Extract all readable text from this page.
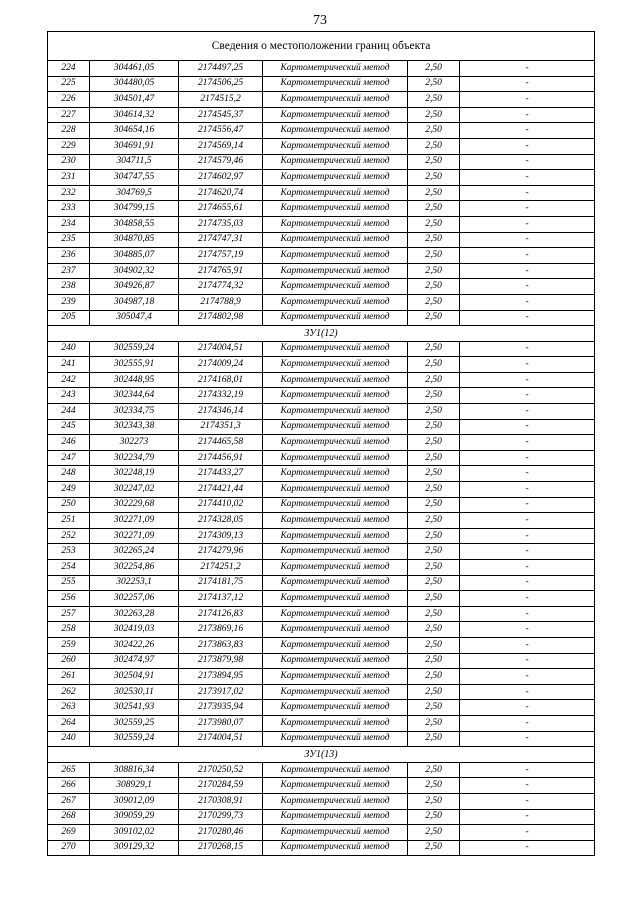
73
Сведения о местоположении границ объекта					
224	304461,05	2174497,25	Картометрический метод	2,50	-
225	304480,05	2174506,25	Картометрический метод	2,50	-
226	304501,47	2174515,2	Картометрический метод	2,50	-
227	304614,32	2174545,37	Картометрический метод	2,50	-
228	304654,16	2174556,47	Картометрический метод	2,50	-
229	304691,91	2174569,14	Картометрический метод	2,50	-
230	304711,5	2174579,46	Картометрический метод	2,50	-
231	304747,55	2174602,97	Картометрический метод	2,50	-
232	304769,5	2174620,74	Картометрический метод	2,50	-
233	304799,15	2174655,61	Картометрический метод	2,50	-
234	304858,55	2174735,03	Картометрический метод	2,50	-
235	304870,85	2174747,31	Картометрический метод	2,50	-
236	304885,07	2174757,19	Картометрический метод	2,50	-
237	304902,32	2174765,91	Картометрический метод	2,50	-
238	304926,87	2174774,32	Картометрический метод	2,50	-
239	304987,18	2174788,9	Картометрический метод	2,50	-
205	305047,4	2174802,98	Картометрический метод	2,50	-
ЗУ1(12)					
240	302559,24	2174004,51	Картометрический метод	2,50	-
241	302555,91	2174009,24	Картометрический метод	2,50	-
242	302448,95	2174168,01	Картометрический метод	2,50	-
243	302344,64	2174332,19	Картометрический метод	2,50	-
244	302334,75	2174346,14	Картометрический метод	2,50	-
245	302343,38	2174351,3	Картометрический метод	2,50	-
246	302273	2174465,58	Картометрический метод	2,50	-
247	302234,79	2174456,91	Картометрический метод	2,50	-
248	302248,19	2174433,27	Картометрический метод	2,50	-
249	302247,02	2174421,44	Картометрический метод	2,50	-
250	302229,68	2174410,02	Картометрический метод	2,50	-
251	302271,09	2174328,05	Картометрический метод	2,50	-
252	302271,09	2174309,13	Картометрический метод	2,50	-
253	302265,24	2174279,96	Картометрический метод	2,50	-
254	302254,86	2174251,2	Картометрический метод	2,50	-
255	302253,1	2174181,75	Картометрический метод	2,50	-
256	302257,06	2174137,12	Картометрический метод	2,50	-
257	302263,28	2174126,83	Картометрический метод	2,50	-
258	302419,03	2173869,16	Картометрический метод	2,50	-
259	302422,26	2173863,83	Картометрический метод	2,50	-
260	302474,97	2173879,98	Картометрический метод	2,50	-
261	302504,91	2173894,95	Картометрический метод	2,50	-
262	302530,11	2173917,02	Картометрический метод	2,50	-
263	302541,93	2173935,94	Картометрический метод	2,50	-
264	302559,25	2173980,07	Картометрический метод	2,50	-
240	302559,24	2174004,51	Картометрический метод	2,50	-
ЗУ1(13)					
265	308816,34	2170250,52	Картометрический метод	2,50	-
266	308929,1	2170284,59	Картометрический метод	2,50	-
267	309012,09	2170308,91	Картометрический метод	2,50	-
268	309059,29	2170299,73	Картометрический метод	2,50	-
269	309102,02	2170280,46	Картометрический метод	2,50	-
270	309129,32	2170268,15	Картометрический метод	2,50	-
